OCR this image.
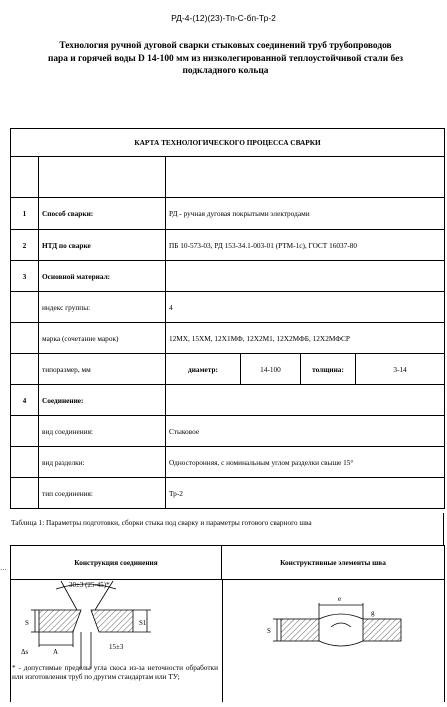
РД-4-(12)(23)-Тп-С-бп-Тр-2
Технология ручной дуговой сварки стыковых соединений труб трубопроводов
пара и горячей воды D 14-100 мм из низколегированной теплоустойчивой стали без
подкладного кольца
КАРТА ТЕХНОЛОГИЧЕСКОГО ПРОЦЕССА СВАРКИ					

1	Способ сварки:	РД - ручная дуговая покрытыми электродами			
2	НТД по сварке	ПБ 10-573-03, РД 153-34.1-003-01 (РТМ-1с), ГОСТ 16037-80			
3	Основной материал:				
	индекс группы:	4			
	марка (сочетание марок)	12МХ, 15ХМ, 12Х1МФ, 12Х2М1, 12Х2МФБ, 12Х2МФСР			
	типоразмер, мм	диаметр:	14-100	толщина:	3-14
4	Соединение:				
	вид соединения:	Стыковое			
	вид разделки:	Односторонняя, с номинальным углом разделки свыше 15°			
	тип соединения:	Тр-2			
Таблица 1: Параметры подготовки, сборки стыка под сварку и параметры готового сварного шва
Конструкция соединения	Конструктивные элементы шва
⋯
30±3 (25-45)*
S	S1
A
Δs
15±3
e
S
g
* - допустимые пределы угла скоса из-за неточности обработки или изготовления труб по другим стандартам или ТУ;
